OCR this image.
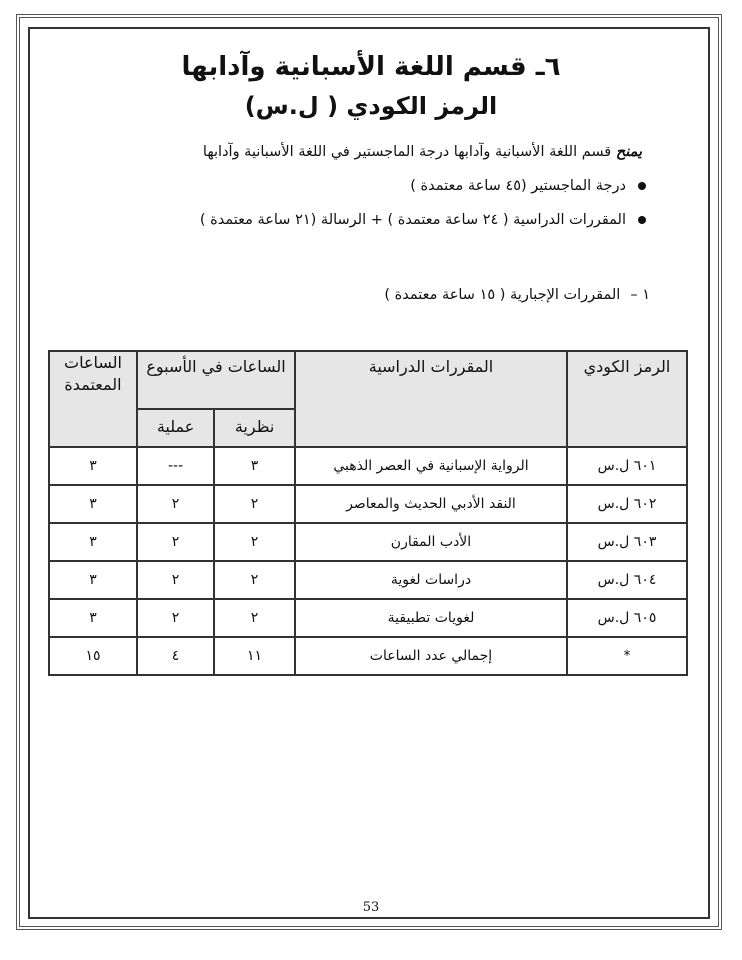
٦ـ قسم اللغة الأسبانية وآدابها
الرمز الكودي ( ل.س)
يمنح قسم اللغة الأسبانية وآدابها درجة الماجستير في اللغة الأسبانية وآدابها
درجة الماجستير (٤٥ ساعة معتمدة )
المقررات الدراسية ( ٢٤ ساعة معتمدة ) + الرسالة (٢١ ساعة معتمدة )
١ –المقررات الإجبارية ( ١٥ ساعة معتمدة )
الرمز الكودي	المقررات الدراسية	الساعات في الأسبوع		الساعات المعتمدة
		نظرية	عملية	
٦٠١ ل.س	الرواية الإسبانية في العصر الذهبي	٣	---	٣
٦٠٢ ل.س	النقد الأدبي الحديث والمعاصر	٢	٢	٣
٦٠٣ ل.س	الأدب المقارن	٢	٢	٣
٦٠٤ ل.س	دراسات لغوية	٢	٢	٣
٦٠٥ ل.س	لغويات تطبيقية	٢	٢	٣
*	إجمالي عدد الساعات	١١	٤	١٥
53
